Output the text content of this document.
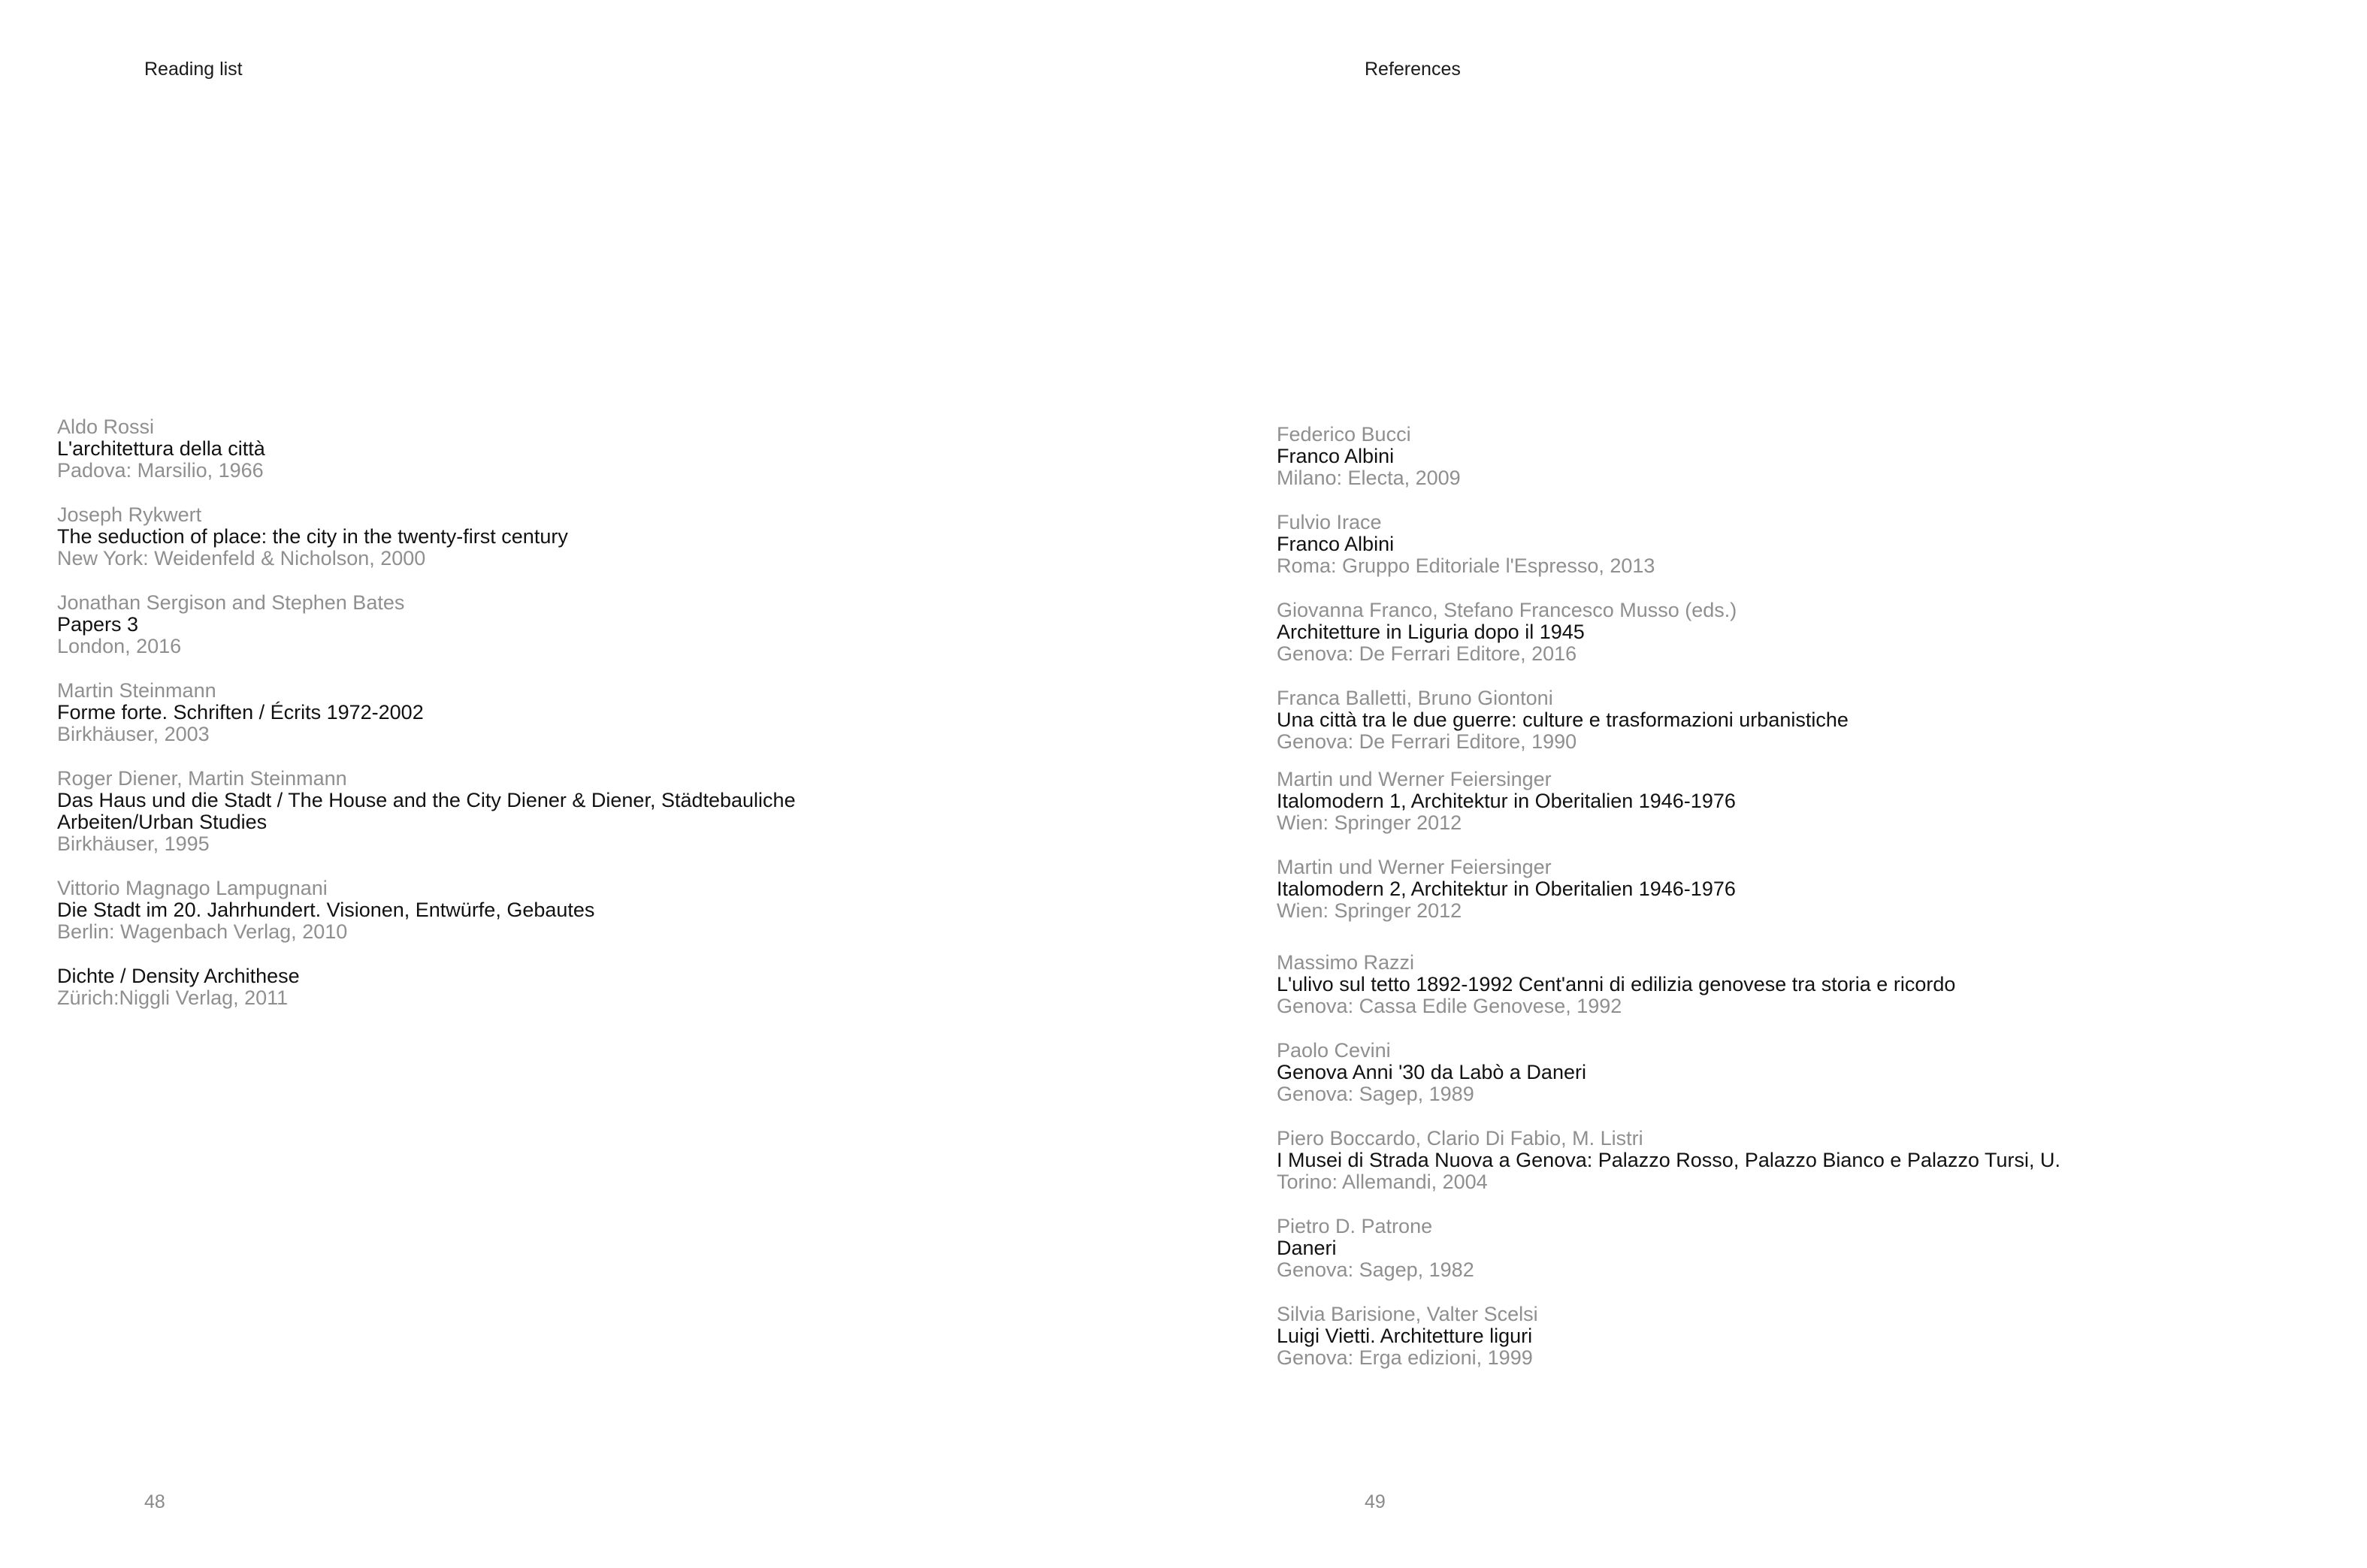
Reading list
Aldo Rossi
L'architettura della città
Padova: Marsilio, 1966
Joseph Rykwert
The seduction of place: the city in the twenty-first century
New York: Weidenfeld & Nicholson, 2000
Jonathan Sergison and Stephen Bates
Papers 3
London, 2016
Martin Steinmann
Forme forte. Schriften / Écrits 1972-2002
Birkhäuser, 2003
Roger Diener, Martin Steinmann
Das Haus und die Stadt / The House and the City Diener & Diener, Städtebauliche
Arbeiten/Urban Studies
Birkhäuser, 1995
Vittorio Magnago Lampugnani
Die Stadt im 20. Jahrhundert. Visionen, Entwürfe, Gebautes
Berlin: Wagenbach Verlag, 2010
Dichte / Density Archithese
Zürich:Niggli Verlag, 2011
48
References
Federico Bucci
Franco Albini
Milano: Electa, 2009
Fulvio Irace
Franco Albini
Roma: Gruppo Editoriale l'Espresso, 2013
Giovanna Franco, Stefano Francesco Musso (eds.)
Architetture in Liguria dopo il 1945
Genova: De Ferrari Editore, 2016
Franca Balletti, Bruno Giontoni
Una città tra le due guerre: culture e trasformazioni urbanistiche
Genova: De Ferrari Editore, 1990
Martin und Werner Feiersinger
Italomodern 1, Architektur in Oberitalien 1946-1976
Wien: Springer 2012
Martin und Werner Feiersinger
Italomodern 2, Architektur in Oberitalien 1946-1976
Wien: Springer 2012
Massimo Razzi
L'ulivo sul tetto 1892-1992 Cent'anni di edilizia genovese tra storia e ricordo
Genova: Cassa Edile Genovese, 1992
Paolo Cevini
Genova Anni '30 da Labò a Daneri
Genova: Sagep, 1989
Piero Boccardo, Clario Di Fabio, M. Listri
I Musei di Strada Nuova a Genova: Palazzo Rosso, Palazzo Bianco e Palazzo Tursi, U.
Torino: Allemandi, 2004
Pietro D. Patrone
Daneri
Genova: Sagep, 1982
Silvia Barisione, Valter Scelsi
Luigi Vietti. Architetture liguri
Genova: Erga edizioni, 1999
49
